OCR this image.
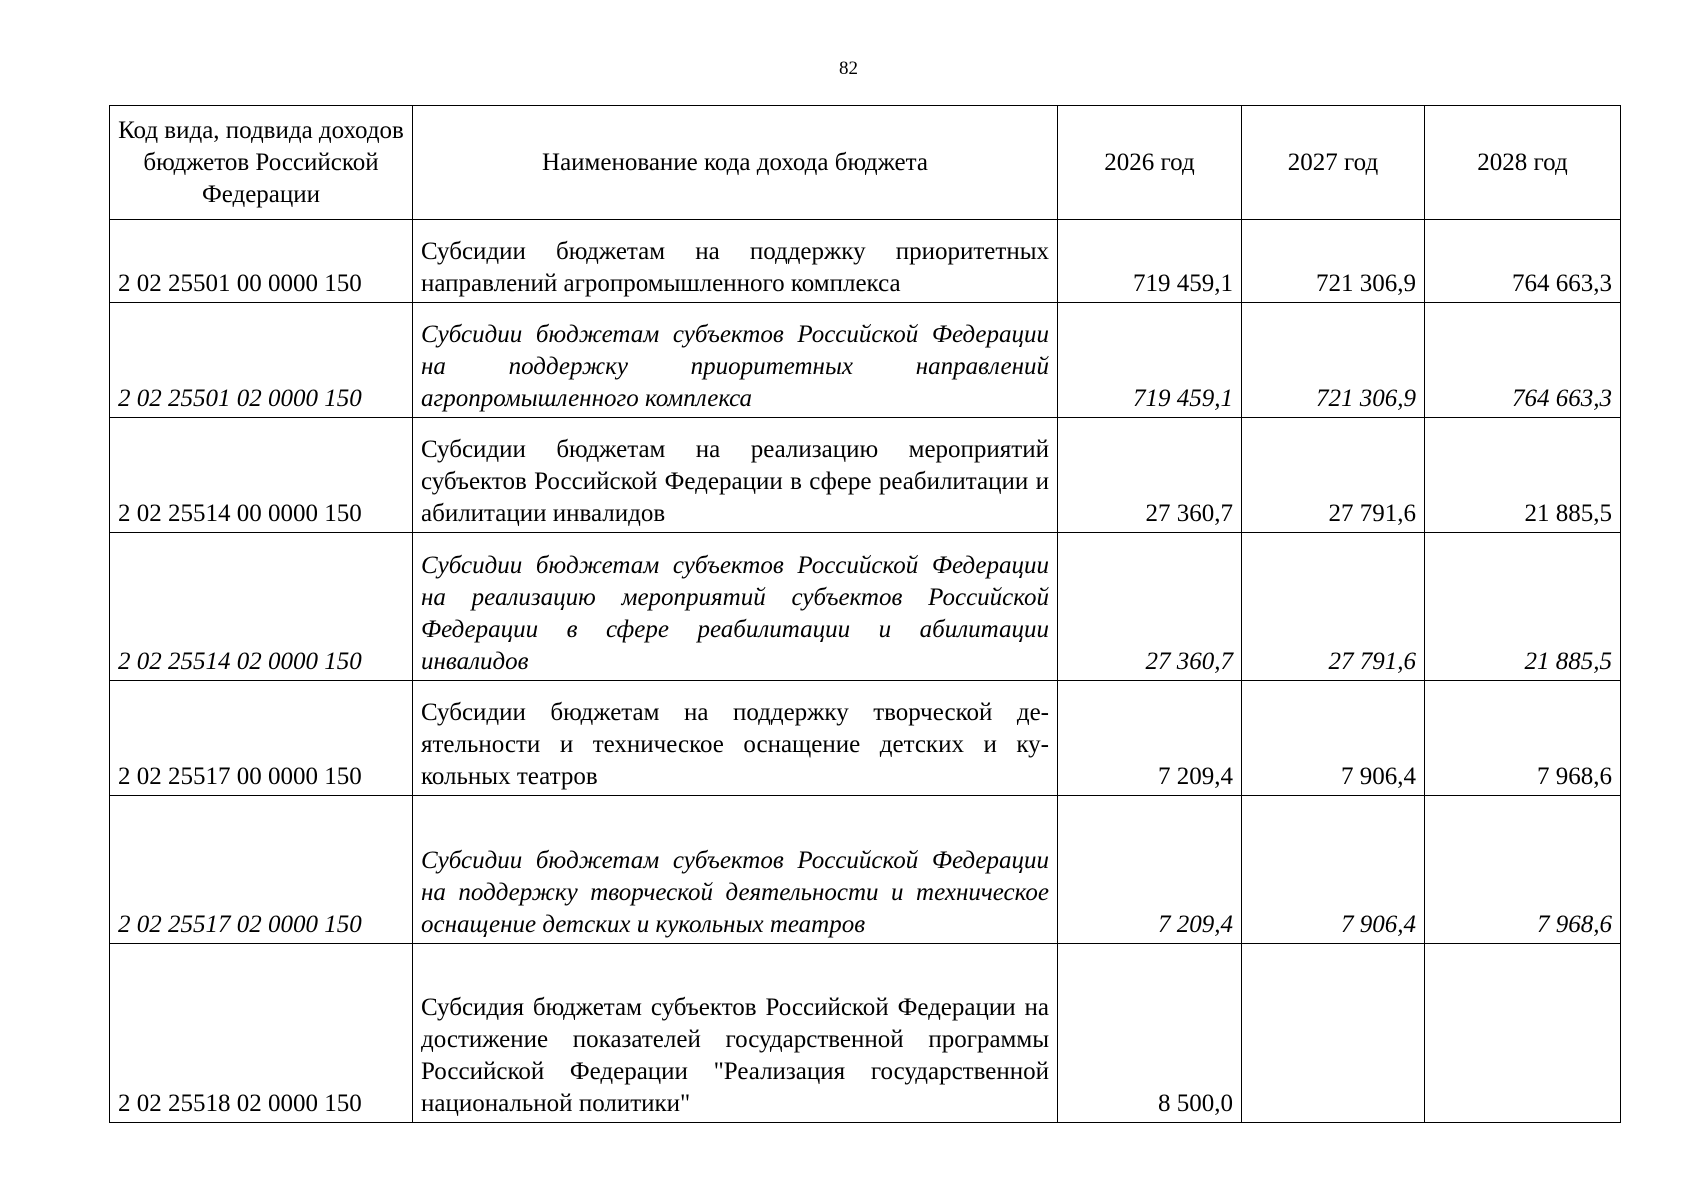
82
Код вида, подвида доходов бюджетов Российской Федерации	Наименование кода дохода бюджета	2026 год	2027 год	2028 год
2 02 25501 00 0000 150	Субсидии бюджетам на поддержку приоритетных направлений агропромышленного комплекса	719 459,1	721 306,9	764 663,3
2 02 25501 02 0000 150	Субсидии бюджетам субъектов Российской Федерации на поддержку приоритетных направлений агропромышленного комплекса	719 459,1	721 306,9	764 663,3
2 02 25514 00 0000 150	Субсидии бюджетам на реализацию мероприятий субъектов Российской Федерации в сфере реабилитации и абилитации инвалидов	27 360,7	27 791,6	21 885,5
2 02 25514 02 0000 150	Субсидии бюджетам субъектов Российской Федерации на реализацию мероприятий субъектов Российской Федерации в сфере реабилитации и абилитации инвалидов	27 360,7	27 791,6	21 885,5
2 02 25517 00 0000 150	Субсидии бюджетам на поддержку творческой деятельности и техническое оснащение детских и кукольных театров	7 209,4	7 906,4	7 968,6
2 02 25517 02 0000 150	Субсидии бюджетам субъектов Российской Федерации на поддержку творческой деятельности и техническое оснащение детских и кукольных театров	7 209,4	7 906,4	7 968,6
2 02 25518 02 0000 150	Субсидия бюджетам субъектов Российской Федерации на достижение показателей государственной программы Российской Федерации "Реализация государственной национальной политики"	8 500,0		
